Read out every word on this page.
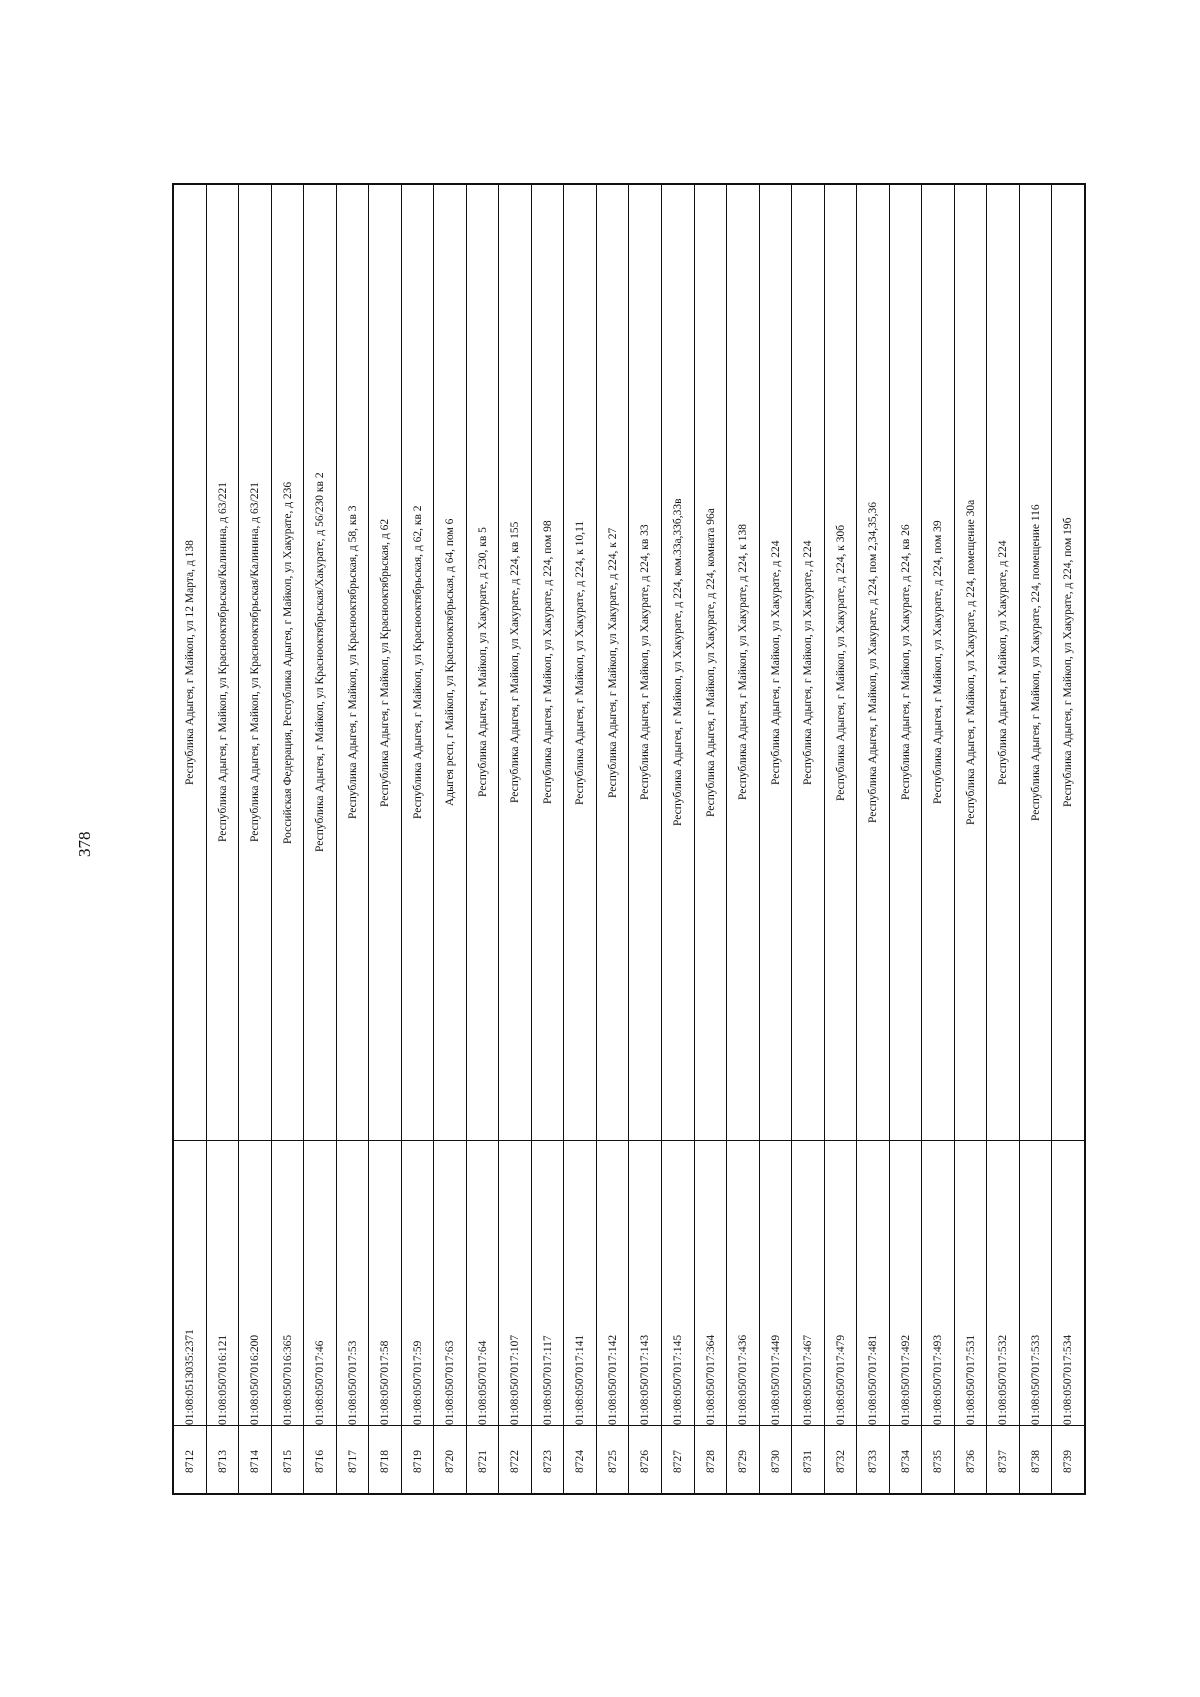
378
Республика Адыгея, г Майкоп, ул 12 Марта, д 138
01:08:0513035:2371
8712
Республика Адыгея, г Майкоп, ул Краснооктябрьская/Калинина, д 63/221
01:08:0507016:121
8713
Республика Адыгея, г Майкоп, ул Краснооктябрьская/Калинина, д 63/221
01:08:0507016:200
8714
Российская Федерация, Республика Адыгея, г Майкоп, ул Хакурате, д 236
01:08:0507016:365
8715
Республика Адыгея, г Майкоп, ул Краснооктябрьская/Хакурате, д 56/230 кв 2
01:08:0507017:46
8716
Республика Адыгея, г Майкоп, ул Краснооктябрьская, д 58, кв 3
01:08:0507017:53
8717
Республика Адыгея, г Майкоп, ул Краснооктябрьская, д 62
01:08:0507017:58
8718
Республика Адыгея, г Майкоп, ул Краснооктябрьская, д 62, кв 2
01:08:0507017:59
8719
Адыгея респ, г Майкоп, ул Краснооктябрьская, д 64, пом 6
01:08:0507017:63
8720
Республика Адыгея, г Майкоп, ул Хакурате, д 230, кв 5
01:08:0507017:64
8721
Республика Адыгея, г Майкоп, ул Хакурате, д 224, кв 155
01:08:0507017:107
8722
Республика Адыгея, г Майкоп, ул Хакурате, д 224, пом 98
01:08:0507017:117
8723
Республика Адыгея, г Майкоп, ул Хакурате, д 224, к 10,11
01:08:0507017:141
8724
Республика Адыгея, г Майкоп, ул Хакурате, д 224, к 27
01:08:0507017:142
8725
Республика Адыгея, г Майкоп, ул Хакурате, д 224, кв 33
01:08:0507017:143
8726
Республика Адыгея, г Майкоп, ул Хакурате, д 224, ком.33а,33б,33в
01:08:0507017:145
8727
Республика Адыгея, г Майкоп, ул Хакурате, д 224, комната 96а
01:08:0507017:364
8728
Республика Адыгея, г Майкоп, ул Хакурате, д 224, к 138
01:08:0507017:436
8729
Республика Адыгея, г Майкоп, ул Хакурате, д 224
01:08:0507017:449
8730
Республика Адыгея, г Майкоп, ул Хакурате, д 224
01:08:0507017:467
8731
Республика Адыгея, г Майкоп, ул Хакурате, д 224, к 30б
01:08:0507017:479
8732
Республика Адыгея, г Майкоп, ул Хакурате, д 224, пом 2,34,35,36
01:08:0507017:481
8733
Республика Адыгея, г Майкоп, ул Хакурате, д 224, кв 26
01:08:0507017:492
8734
Республика Адыгея, г Майкоп, ул Хакурате, д 224, пом 39
01:08:0507017:493
8735
Республика Адыгея, г Майкоп, ул Хакурате, д 224, помещение 30а
01:08:0507017:531
8736
Республика Адыгея, г Майкоп, ул Хакурате, д 224
01:08:0507017:532
8737
Республика Адыгея, г Майкоп, ул Хакурате, 224, помещение 116
01:08:0507017:533
8738
Республика Адыгея, г Майкоп, ул Хакурате, д 224, пом 19б
01:08:0507017:534
8739
